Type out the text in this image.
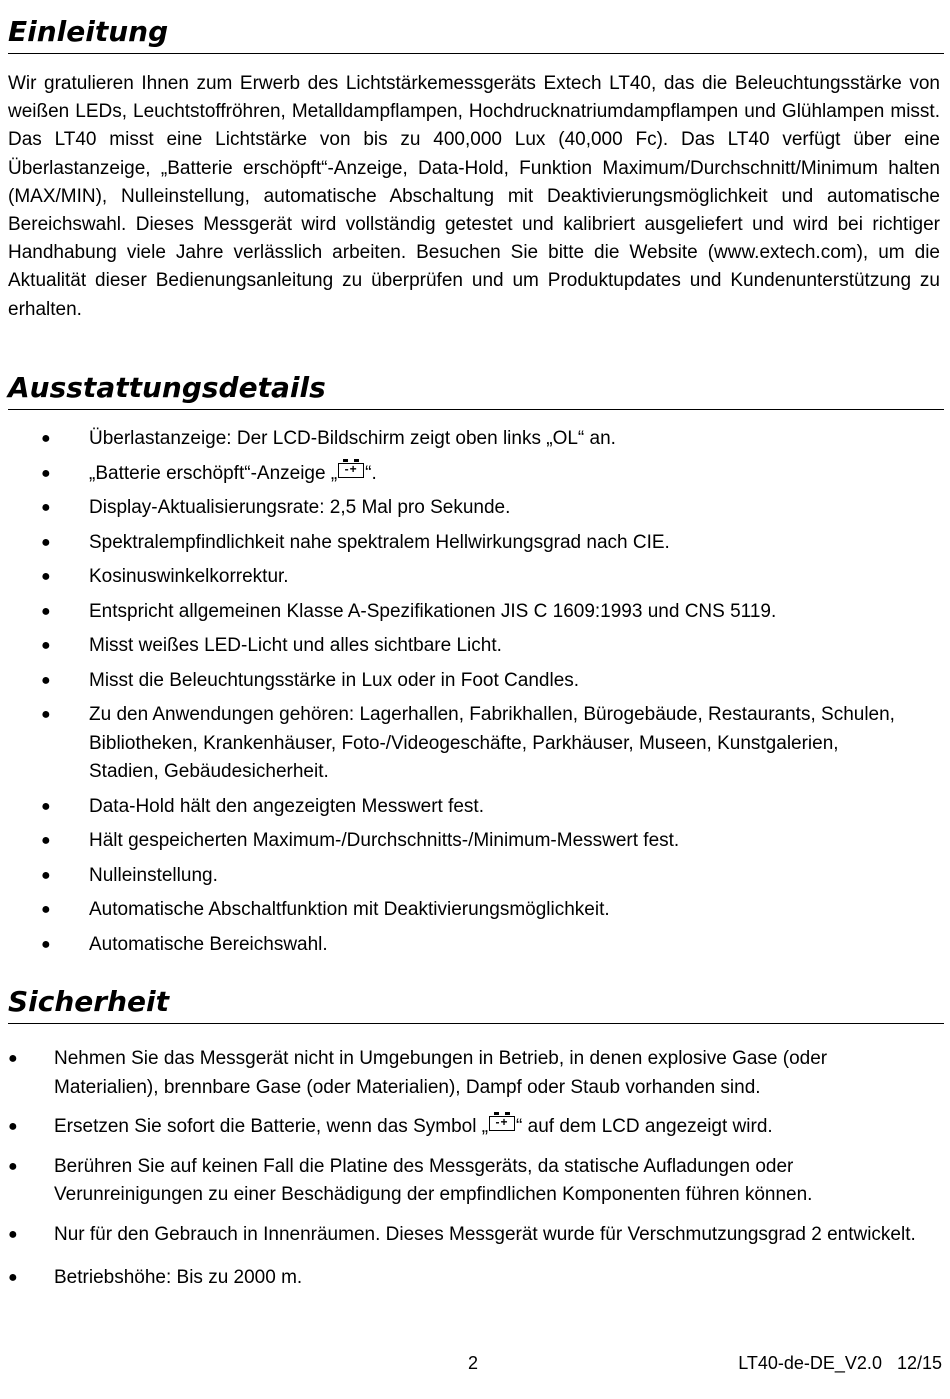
Einleitung
Wir gratulieren Ihnen zum Erwerb des Lichtstärkemessgeräts Extech LT40, das die Beleuchtungsstärke von weißen LEDs, Leuchtstoffröhren, Metalldampflampen, Hochdrucknatriumdampflampen und Glühlampen misst. Das LT40 misst eine Lichtstärke von bis zu 400,000 Lux (40,000 Fc). Das LT40 verfügt über eine Überlastanzeige, „Batterie erschöpft“-Anzeige, Data-Hold, Funktion Maximum/Durchschnitt/Minimum halten (MAX/MIN), Nulleinstellung, automatische Abschaltung mit Deaktivierungsmöglichkeit und automatische Bereichswahl. Dieses Messgerät wird vollständig getestet und kalibriert ausgeliefert und wird bei richtiger Handhabung viele Jahre verlässlich arbeiten. Besuchen Sie bitte die Website (www.extech.com), um die Aktualität dieser Bedienungsanleitung zu überprüfen und um Produktupdates und Kundenunterstützung zu erhalten.
Ausstattungsdetails
● Überlastanzeige: Der LCD-Bildschirm zeigt oben links „OL“ an.
● „Batterie erschöpft“-Anzeige „ -+ “.
● Display-Aktualisierungsrate: 2,5 Mal pro Sekunde.
● Spektralempfindlichkeit nahe spektralem Hellwirkungsgrad nach CIE.
● Kosinuswinkelkorrektur.
● Entspricht allgemeinen Klasse A-Spezifikationen JIS C 1609:1993 und CNS 5119.
● Misst weißes LED-Licht und alles sichtbare Licht.
● Misst die Beleuchtungsstärke in Lux oder in Foot Candles.
● Zu den Anwendungen gehören: Lagerhallen, Fabrikhallen, Bürogebäude, Restaurants, Schulen, Bibliotheken, Krankenhäuser, Foto-/Videogeschäfte, Parkhäuser, Museen, Kunstgalerien, Stadien, Gebäudesicherheit.
● Data-Hold hält den angezeigten Messwert fest.
● Hält gespeicherten Maximum-/Durchschnitts-/Minimum-Messwert fest.
● Nulleinstellung.
● Automatische Abschaltfunktion mit Deaktivierungsmöglichkeit.
● Automatische Bereichswahl.
Sicherheit
● Nehmen Sie das Messgerät nicht in Umgebungen in Betrieb, in denen explosive Gase (oder Materialien), brennbare Gase (oder Materialien), Dampf oder Staub vorhanden sind.
● Ersetzen Sie sofort die Batterie, wenn das Symbol „ -+ “ auf dem LCD angezeigt wird.
● Berühren Sie auf keinen Fall die Platine des Messgeräts, da statische Aufladungen oder Verunreinigungen zu einer Beschädigung der empfindlichen Komponenten führen können.
● Nur für den Gebrauch in Innenräumen. Dieses Messgerät wurde für Verschmutzungsgrad 2 entwickelt.
● Betriebshöhe: Bis zu 2000 m.
2	LT40-de-DE_V2.0   12/15
